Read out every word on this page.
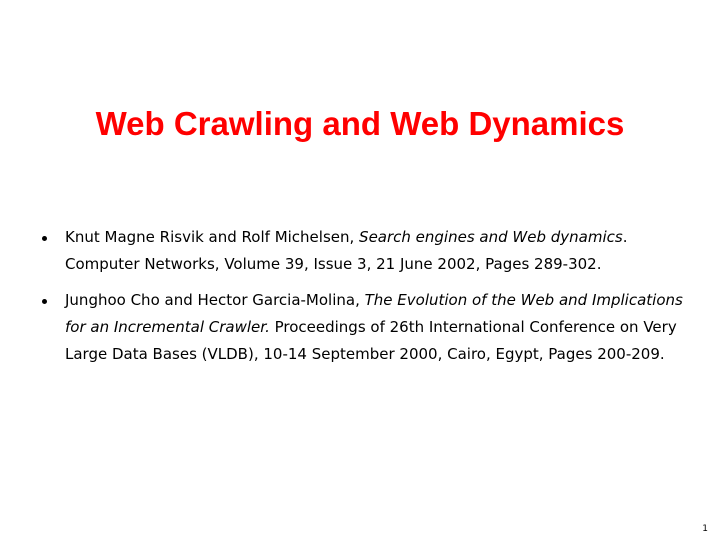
Web Crawling and Web Dynamics
Knut Magne Risvik and Rolf Michelsen, Search engines and Web dynamics. Computer Networks, Volume 39, Issue 3, 21 June 2002, Pages 289-302.
Junghoo Cho and Hector Garcia-Molina, The Evolution of the Web and Implications for an Incremental Crawler. Proceedings of 26th International Conference on Very Large Data Bases (VLDB), 10-14 September 2000, Cairo, Egypt, Pages 200-209.
1
